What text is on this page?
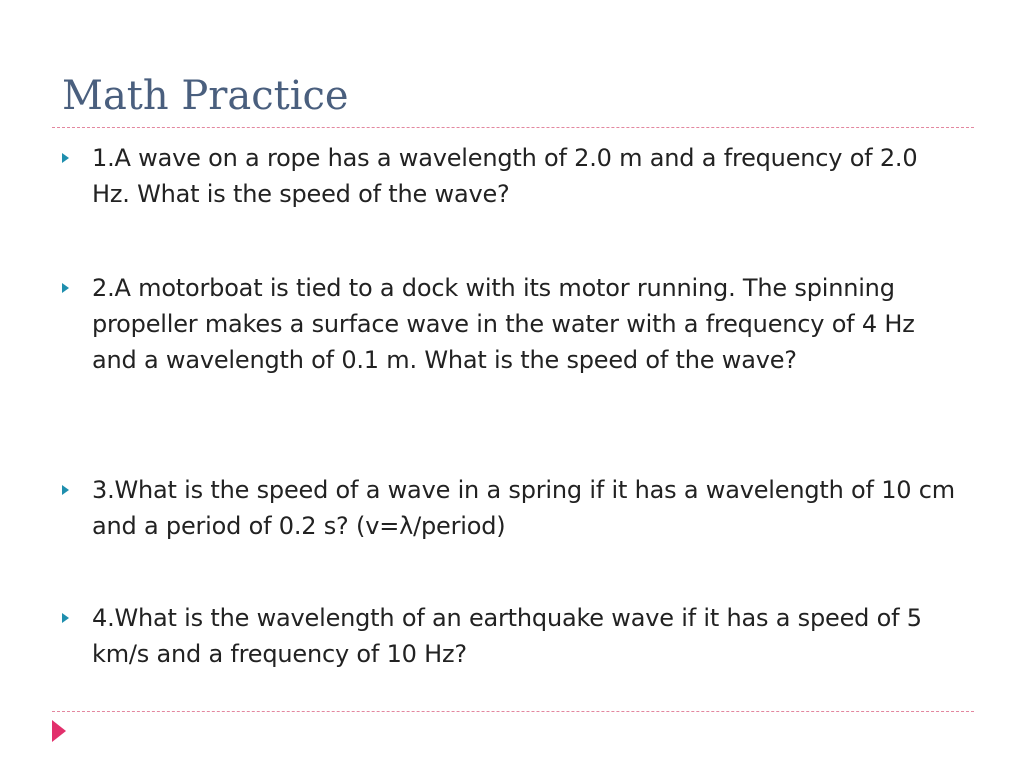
Math Practice

1.A wave on a rope has a wavelength of 2.0 m and a frequency of 2.0 Hz. What is the speed of the wave?

2.A motorboat is tied to a dock with its motor running. The spinning propeller makes a surface wave in the water with a frequency of 4 Hz and a wavelength of 0.1 m. What is the speed of the wave?

3.What is the speed of a wave in a spring if it has a wavelength of 10 cm and a period of 0.2 s? (v=λ/period)

4.What is the wavelength of an earthquake wave if it has a speed of 5 km/s and a frequency of 10 Hz?
